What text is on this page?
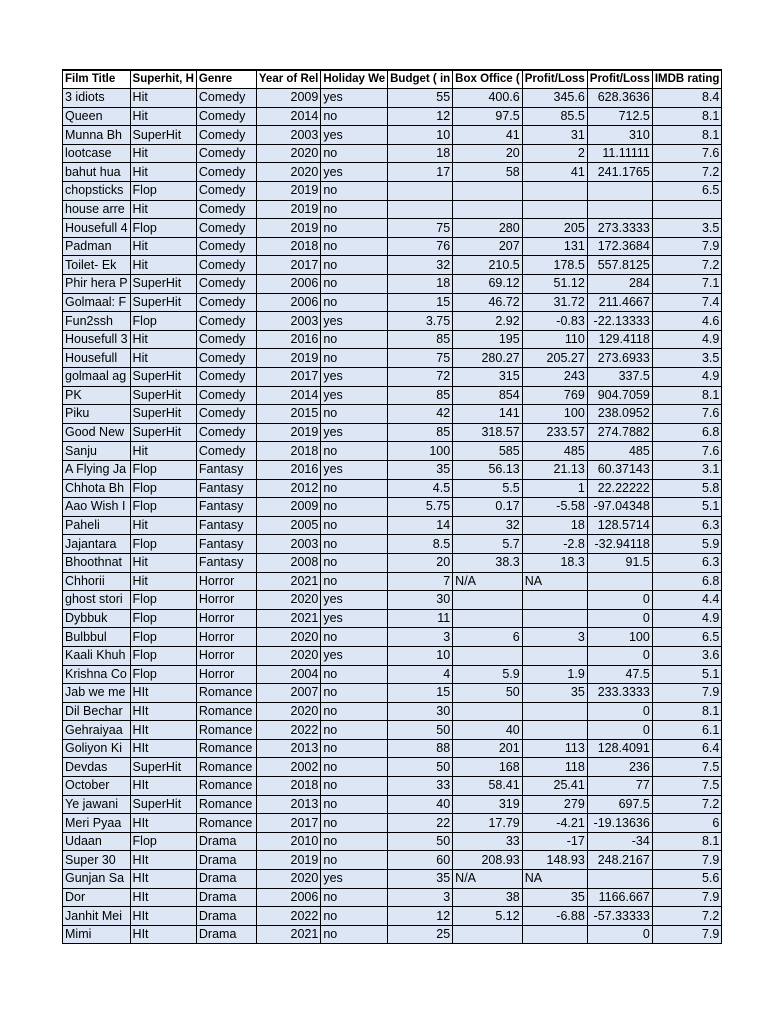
Film Title	Superhit, H	Genre	Year of Rel	Holiday We	Budget ( in	Box Office (	Profit/Loss	Profit/Loss	IMDB rating
3 idiots	Hit	Comedy	2009	yes	55	400.6	345.6	628.3636	8.4
Queen	Hit	Comedy	2014	no	12	97.5	85.5	712.5	8.1
Munna Bh	SuperHit	Comedy	2003	yes	10	41	31	310	8.1
lootcase	Hit	Comedy	2020	no	18	20	2	11.11111	7.6
bahut hua	Hit	Comedy	2020	yes	17	58	41	241.1765	7.2
chopsticks	Flop	Comedy	2019	no					6.5
house arre	Hit	Comedy	2019	no					
Housefull 4	Flop	Comedy	2019	no	75	280	205	273.3333	3.5
Padman	Hit	Comedy	2018	no	76	207	131	172.3684	7.9
Toilet- Ek	Hit	Comedy	2017	no	32	210.5	178.5	557.8125	7.2
Phir hera P	SuperHit	Comedy	2006	no	18	69.12	51.12	284	7.1
Golmaal: F	SuperHit	Comedy	2006	no	15	46.72	31.72	211.4667	7.4
Fun2ssh	Flop	Comedy	2003	yes	3.75	2.92	-0.83	-22.13333	4.6
Housefull 3	Hit	Comedy	2016	no	85	195	110	129.4118	4.9
Housefull	Hit	Comedy	2019	no	75	280.27	205.27	273.6933	3.5
golmaal ag	SuperHit	Comedy	2017	yes	72	315	243	337.5	4.9
PK	SuperHit	Comedy	2014	yes	85	854	769	904.7059	8.1
Piku	SuperHit	Comedy	2015	no	42	141	100	238.0952	7.6
Good New	SuperHit	Comedy	2019	yes	85	318.57	233.57	274.7882	6.8
Sanju	Hit	Comedy	2018	no	100	585	485	485	7.6
A Flying Ja	Flop	Fantasy	2016	yes	35	56.13	21.13	60.37143	3.1
Chhota Bh	Flop	Fantasy	2012	no	4.5	5.5	1	22.22222	5.8
Aao Wish I	Flop	Fantasy	2009	no	5.75	0.17	-5.58	-97.04348	5.1
Paheli	Hit	Fantasy	2005	no	14	32	18	128.5714	6.3
Jajantara	Flop	Fantasy	2003	no	8.5	5.7	-2.8	-32.94118	5.9
Bhoothnat	Hit	Fantasy	2008	no	20	38.3	18.3	91.5	6.3
Chhorii	Hit	Horror	2021	no	7	N/A	NA		6.8
ghost stori	Flop	Horror	2020	yes	30			0	4.4
Dybbuk	Flop	Horror	2021	yes	11			0	4.9
Bulbbul	Flop	Horror	2020	no	3	6	3	100	6.5
Kaali Khuh	Flop	Horror	2020	yes	10			0	3.6
Krishna Co	Flop	Horror	2004	no	4	5.9	1.9	47.5	5.1
Jab we me	HIt	Romance	2007	no	15	50	35	233.3333	7.9
Dil Bechar	HIt	Romance	2020	no	30			0	8.1
Gehraiyaa	HIt	Romance	2022	no	50	40		0	6.1
Goliyon Ki	HIt	Romance	2013	no	88	201	113	128.4091	6.4
Devdas	SuperHit	Romance	2002	no	50	168	118	236	7.5
October	HIt	Romance	2018	no	33	58.41	25.41	77	7.5
Ye jawani	SuperHit	Romance	2013	no	40	319	279	697.5	7.2
Meri Pyaa	HIt	Romance	2017	no	22	17.79	-4.21	-19.13636	6
Udaan	Flop	Drama	2010	no	50	33	-17	-34	8.1
Super 30	HIt	Drama	2019	no	60	208.93	148.93	248.2167	7.9
Gunjan Sa	HIt	Drama	2020	yes	35	N/A	NA		5.6
Dor	HIt	Drama	2006	no	3	38	35	1166.667	7.9
Janhit Mei	HIt	Drama	2022	no	12	5.12	-6.88	-57.33333	7.2
Mimi	HIt	Drama	2021	no	25			0	7.9
